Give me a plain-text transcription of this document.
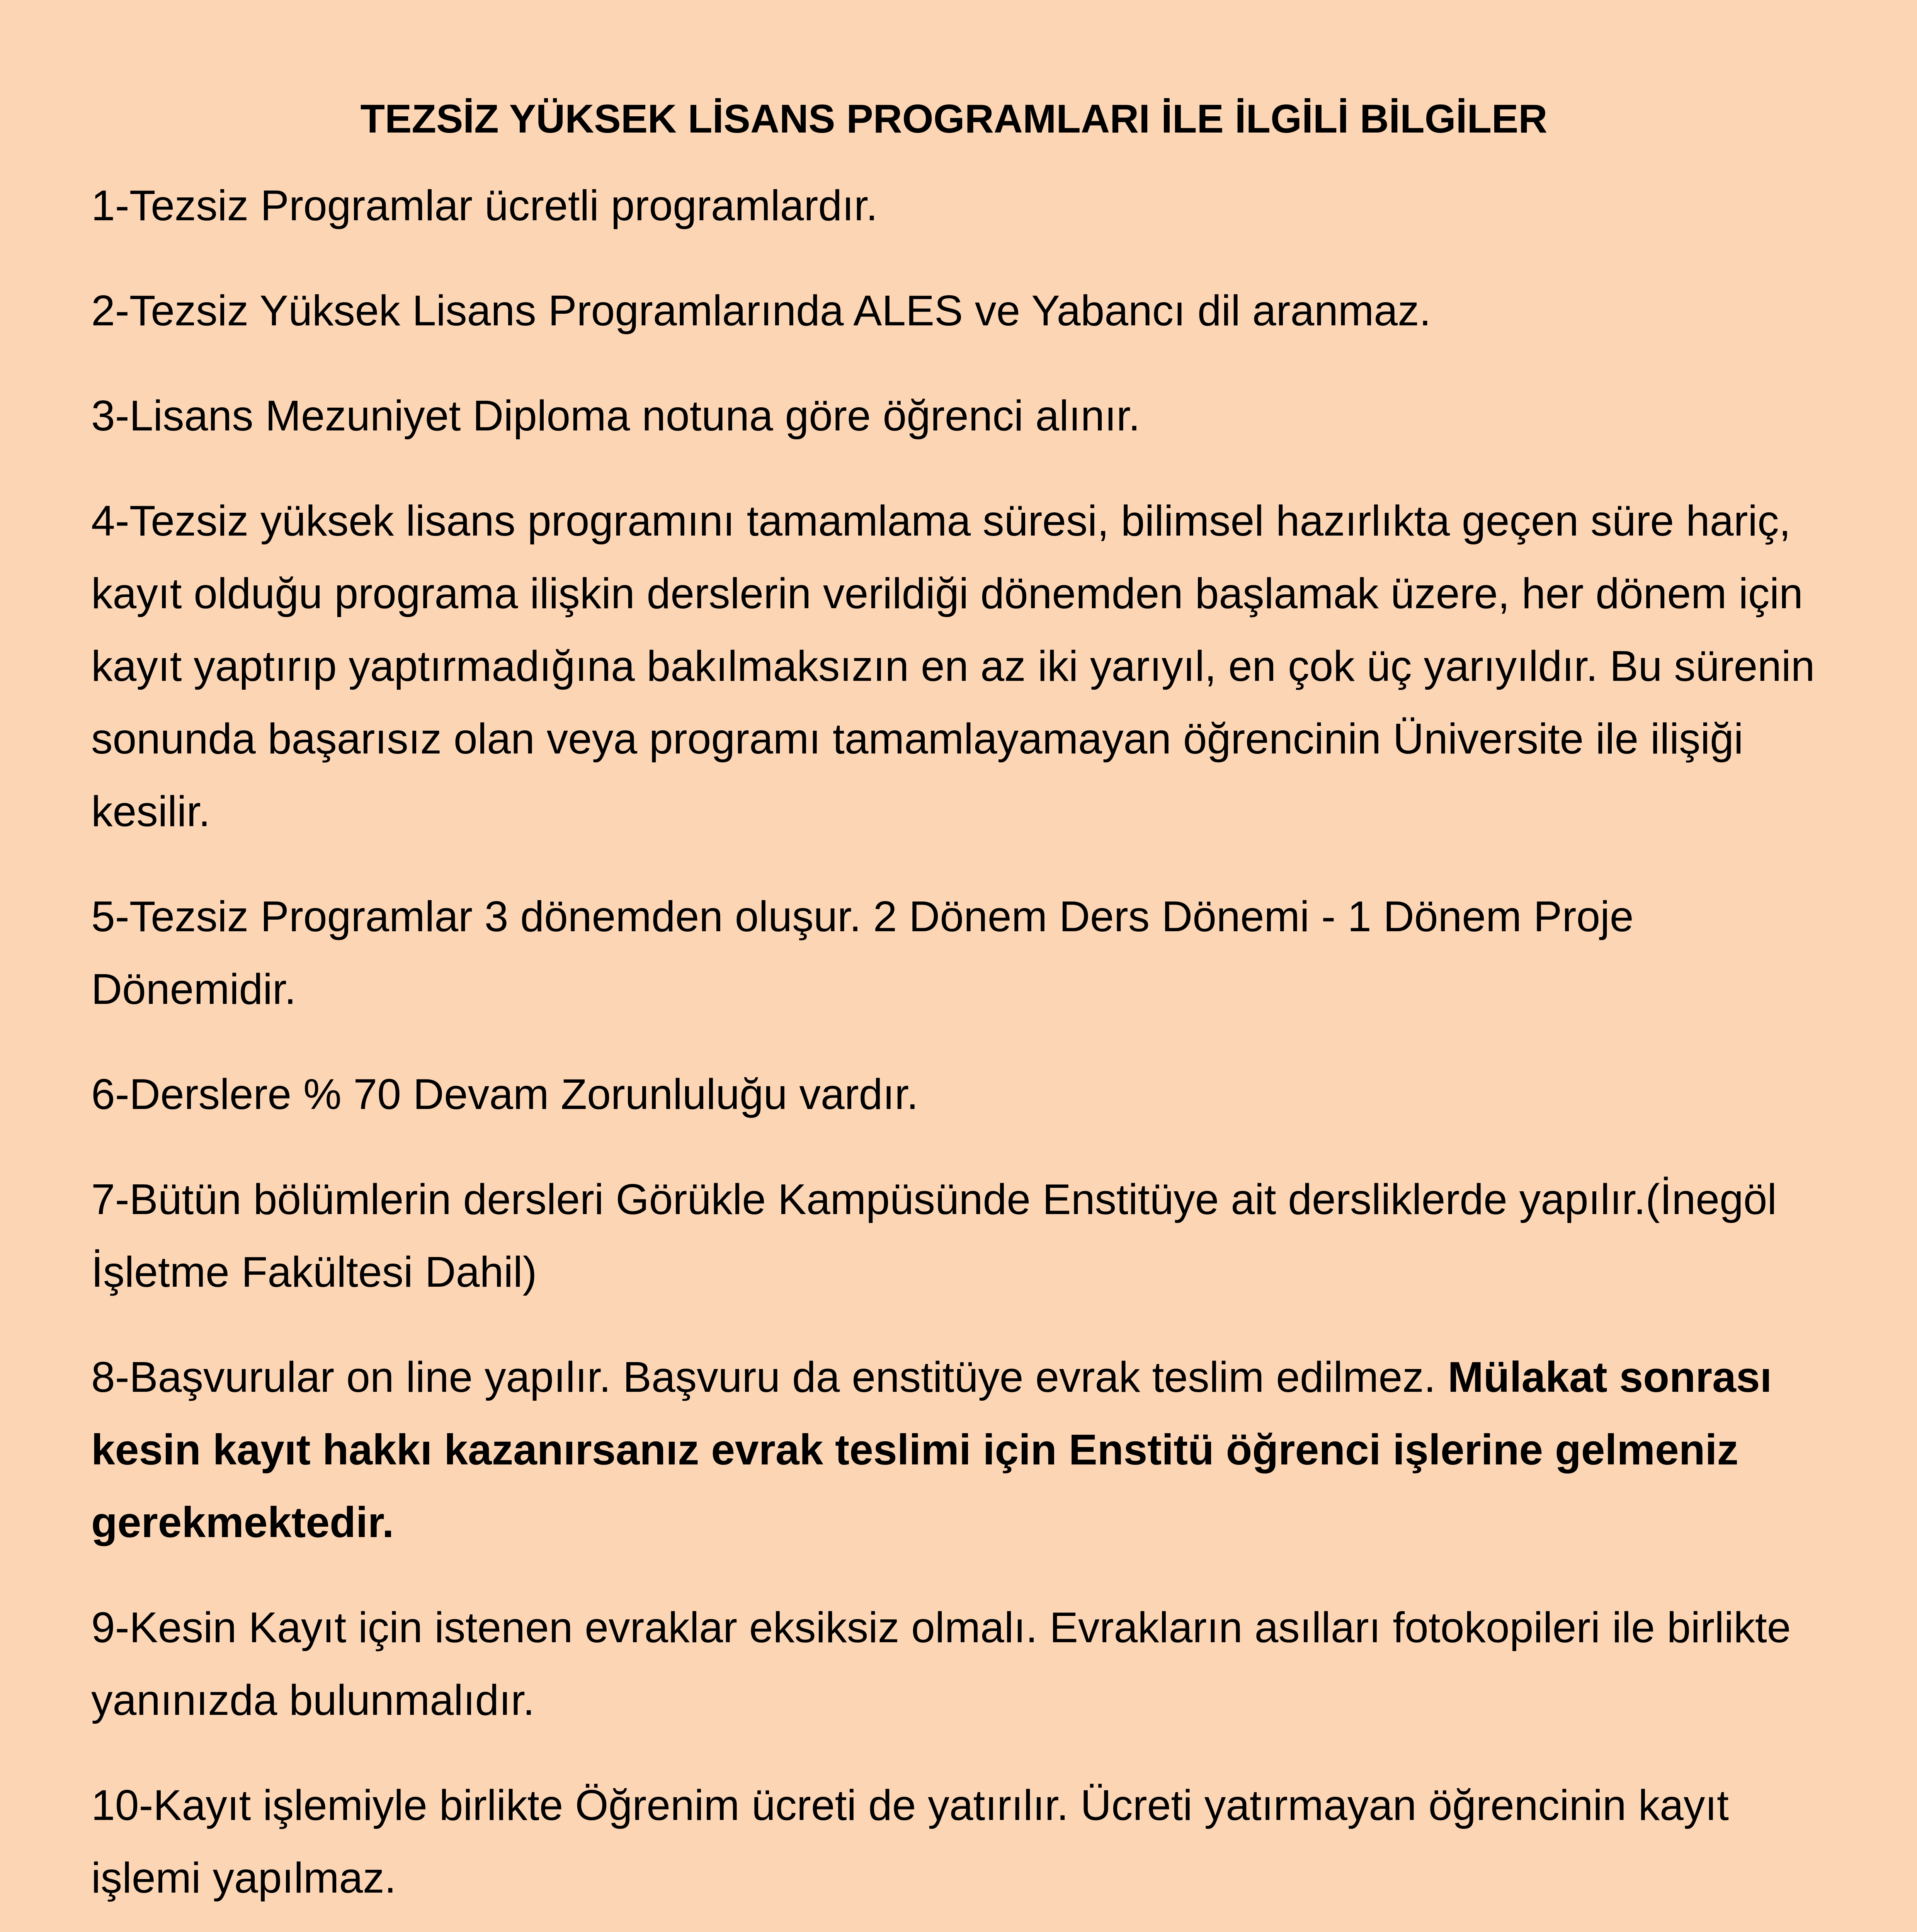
TEZSİZ YÜKSEK LİSANS PROGRAMLARI İLE İLGİLİ BİLGİLER
1-Tezsiz Programlar ücretli programlardır.
2-Tezsiz Yüksek Lisans Programlarında ALES ve Yabancı dil aranmaz.
3-Lisans Mezuniyet Diploma notuna göre öğrenci alınır.
4-Tezsiz yüksek lisans programını tamamlama süresi, bilimsel hazırlıkta geçen süre hariç, kayıt olduğu programa ilişkin derslerin verildiği dönemden başlamak üzere, her dönem için kayıt yaptırıp yaptırmadığına bakılmaksızın en az iki yarıyıl, en çok üç yarıyıldır. Bu sürenin sonunda başarısız olan veya programı tamamlayamayan öğrencinin Üniversite ile ilişiği kesilir.
5-Tezsiz Programlar 3 dönemden oluşur. 2 Dönem Ders Dönemi - 1 Dönem Proje Dönemidir.
6-Derslere % 70 Devam Zorunluluğu vardır.
7-Bütün bölümlerin dersleri Görükle Kampüsünde Enstitüye ait dersliklerde yapılır.(İnegöl İşletme Fakültesi Dahil)
8-Başvurular on line yapılır. Başvuru da enstitüye evrak teslim edilmez. Mülakat sonrası kesin kayıt hakkı kazanırsanız evrak teslimi için Enstitü öğrenci işlerine gelmeniz gerekmektedir.
9-Kesin Kayıt için istenen evraklar eksiksiz olmalı. Evrakların asılları fotokopileri ile birlikte yanınızda bulunmalıdır.
10-Kayıt işlemiyle birlikte Öğrenim ücreti de yatırılır. Ücreti yatırmayan öğrencinin kayıt işlemi yapılmaz.
